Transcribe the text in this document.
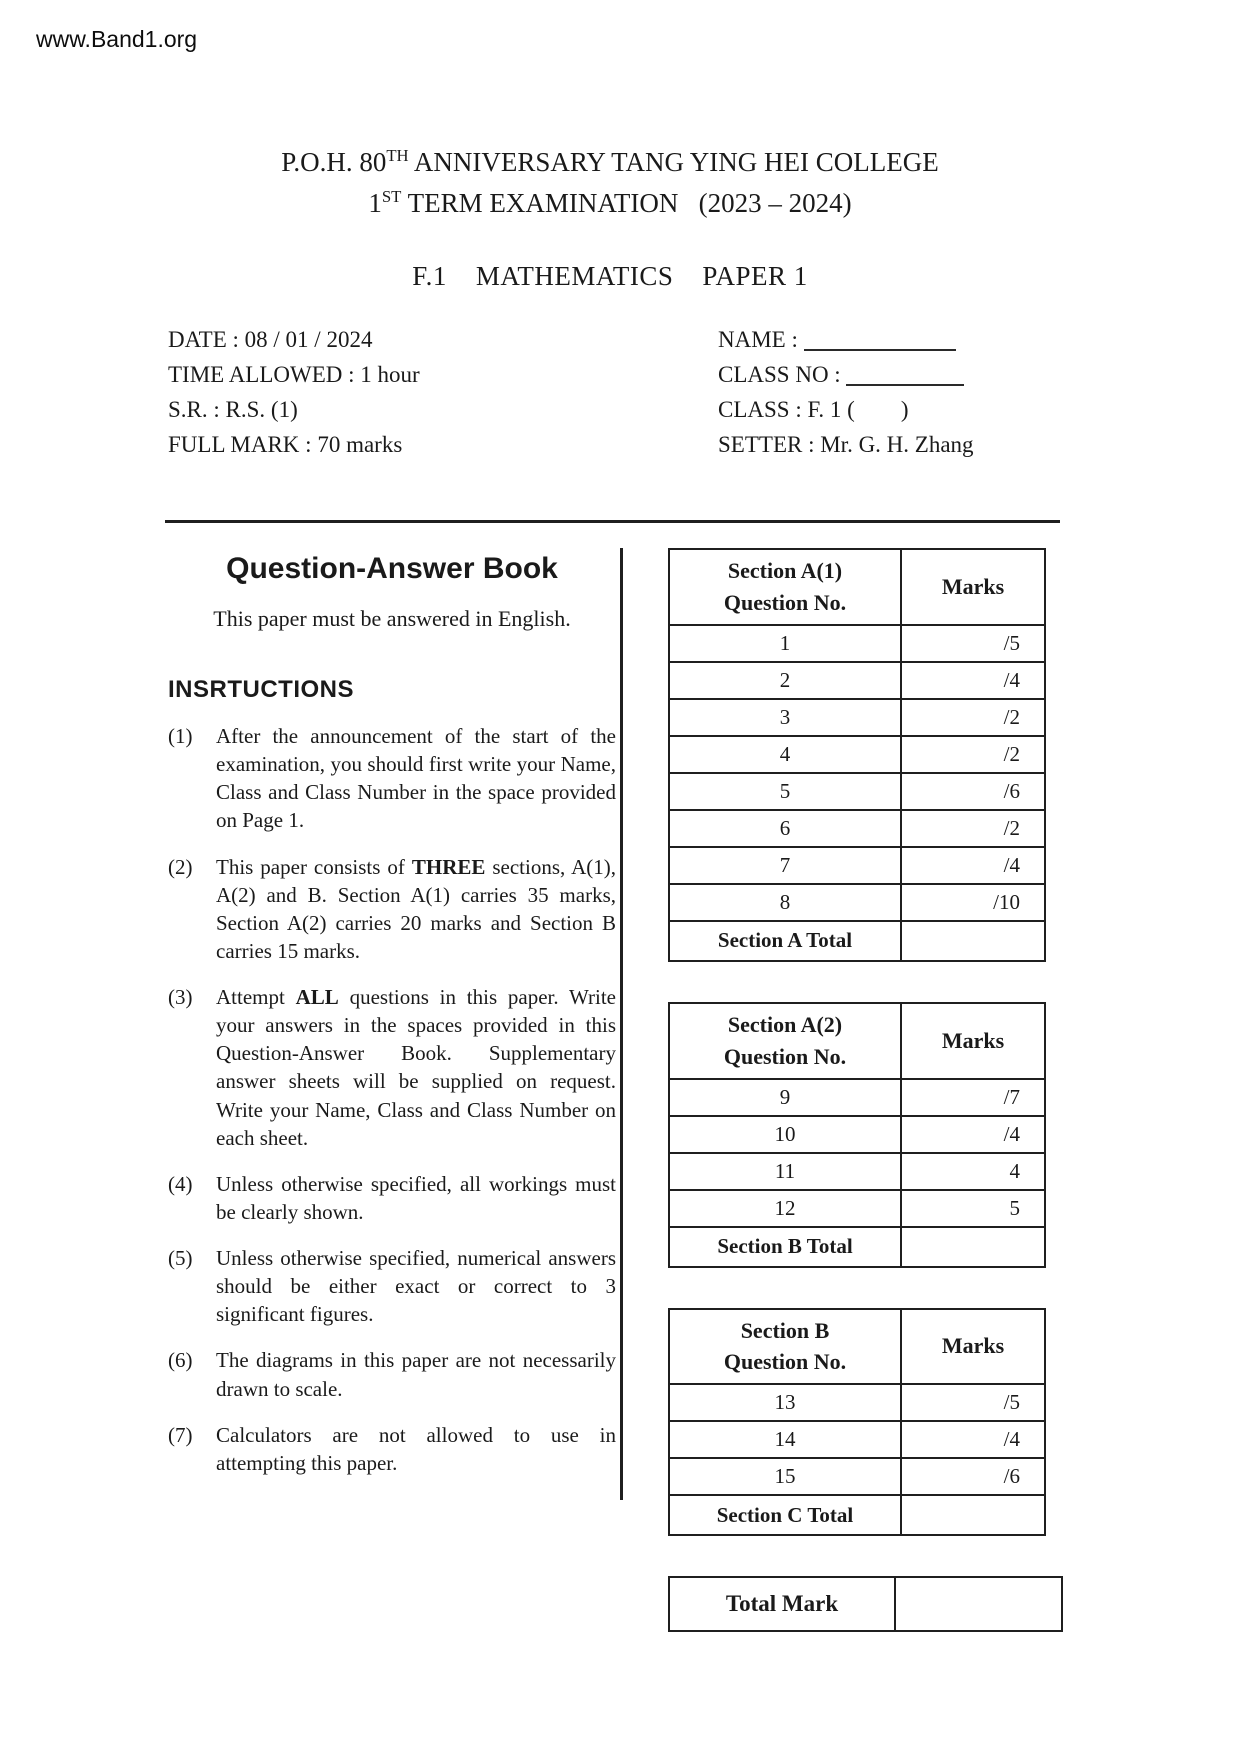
www.Band1.org
P.O.H. 80TH ANNIVERSARY TANG YING HEI COLLEGE
1ST TERM EXAMINATION   (2023 – 2024)
F.1    MATHEMATICS    PAPER 1
DATE : 08 / 01 / 2024
TIME ALLOWED : 1 hour
S.R. : R.S. (1)
FULL MARK : 70 marks
NAME :
CLASS NO :
CLASS : F. 1 (        )
SETTER : Mr. G. H. Zhang
Question-Answer Book
This paper must be answered in English.
INSRTUCTIONS
(1)	After the announcement of the start of the examination, you should first write your Name, Class and Class Number in the space provided on Page 1.
(2)	This paper consists of THREE sections, A(1), A(2) and B. Section A(1) carries 35 marks, Section A(2) carries 20 marks and Section B carries 15 marks.
(3)	Attempt ALL questions in this paper. Write your answers in the spaces provided in this Question-Answer Book. Supplementary answer sheets will be supplied on request. Write your Name, Class and Class Number on each sheet.
(4)	Unless otherwise specified, all workings must be clearly shown.
(5)	Unless otherwise specified, numerical answers should be either exact or correct to 3 significant figures.
(6)	The diagrams in this paper are not necessarily drawn to scale.
(7)	Calculators are not allowed to use in attempting this paper.
Section A(1)
Question No.	Marks
1	/5
2	/4
3	/2
4	/2
5	/6
6	/2
7	/4
8	/10
Section A Total	
Section A(2)
Question No.	Marks
9	/7
10	/4
11	4
12	5
Section B Total	
Section B
Question No.	Marks
13	/5
14	/4
15	/6
Section C Total	
Total Mark	
